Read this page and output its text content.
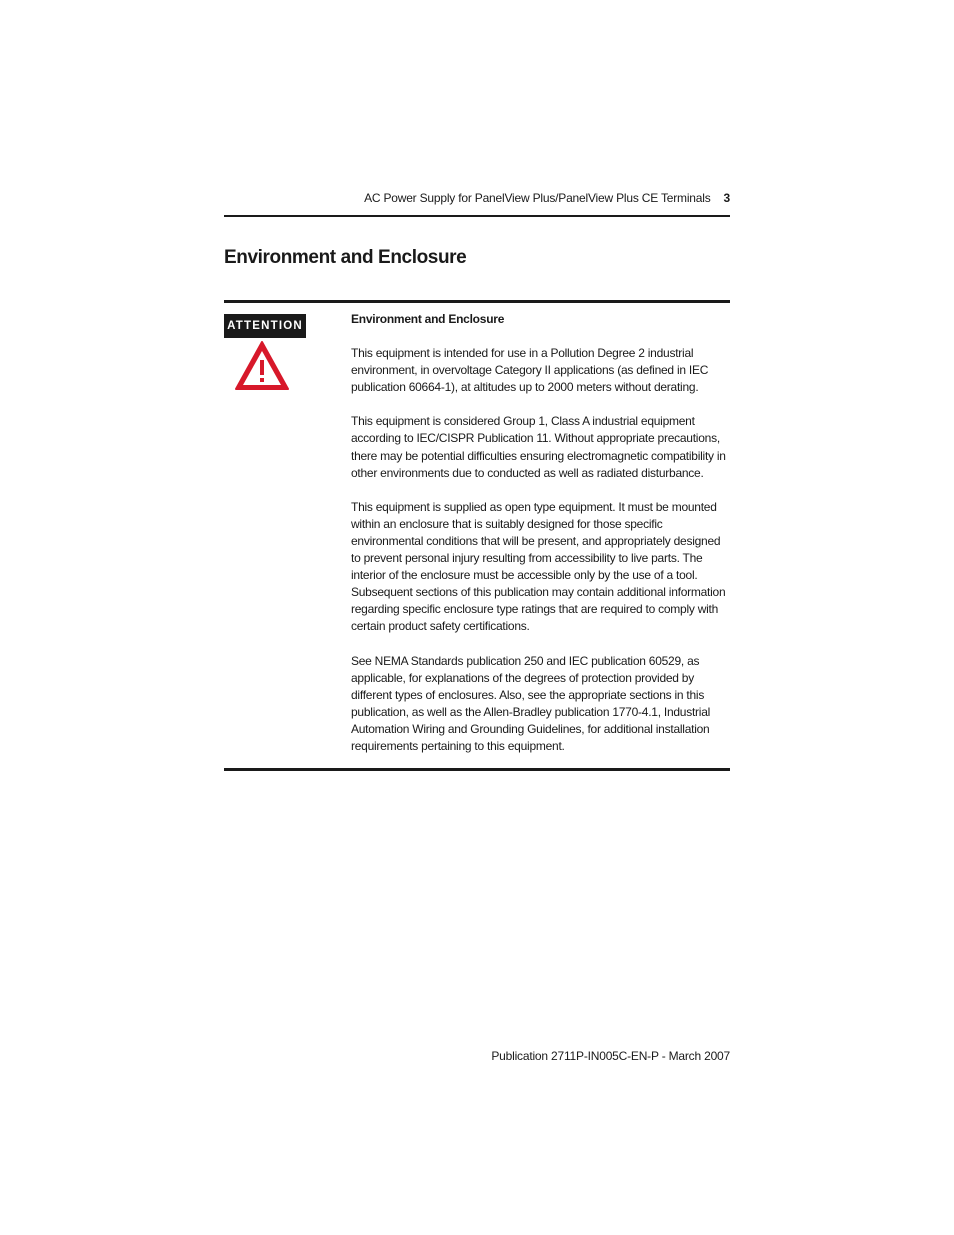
AC Power Supply for PanelView Plus/PanelView Plus CE Terminals 3
Environment and Enclosure
ATTENTION	Environment and Enclosure

This equipment is intended for use in a Pollution Degree 2 industrial environment, in overvoltage Category II applications (as defined in IEC publication 60664-1), at altitudes up to 2000 meters without derating.

This equipment is considered Group 1, Class A industrial equipment according to IEC/CISPR Publication 11. Without appropriate precautions, there may be potential difficulties ensuring electromagnetic compatibility in other environments due to conducted as well as radiated disturbance.

This equipment is supplied as open type equipment. It must be mounted within an enclosure that is suitably designed for those specific environmental conditions that will be present, and appropriately designed to prevent personal injury resulting from accessibility to live parts. The interior of the enclosure must be accessible only by the use of a tool. Subsequent sections of this publication may contain additional information regarding specific enclosure type ratings that are required to comply with certain product safety certifications.

See NEMA Standards publication 250 and IEC publication 60529, as applicable, for explanations of the degrees of protection provided by different types of enclosures. Also, see the appropriate sections in this publication, as well as the Allen-Bradley publication 1770-4.1, Industrial Automation Wiring and Grounding Guidelines, for additional installation requirements pertaining to this equipment.

Publication 2711P-IN005C-EN-P - March 2007
